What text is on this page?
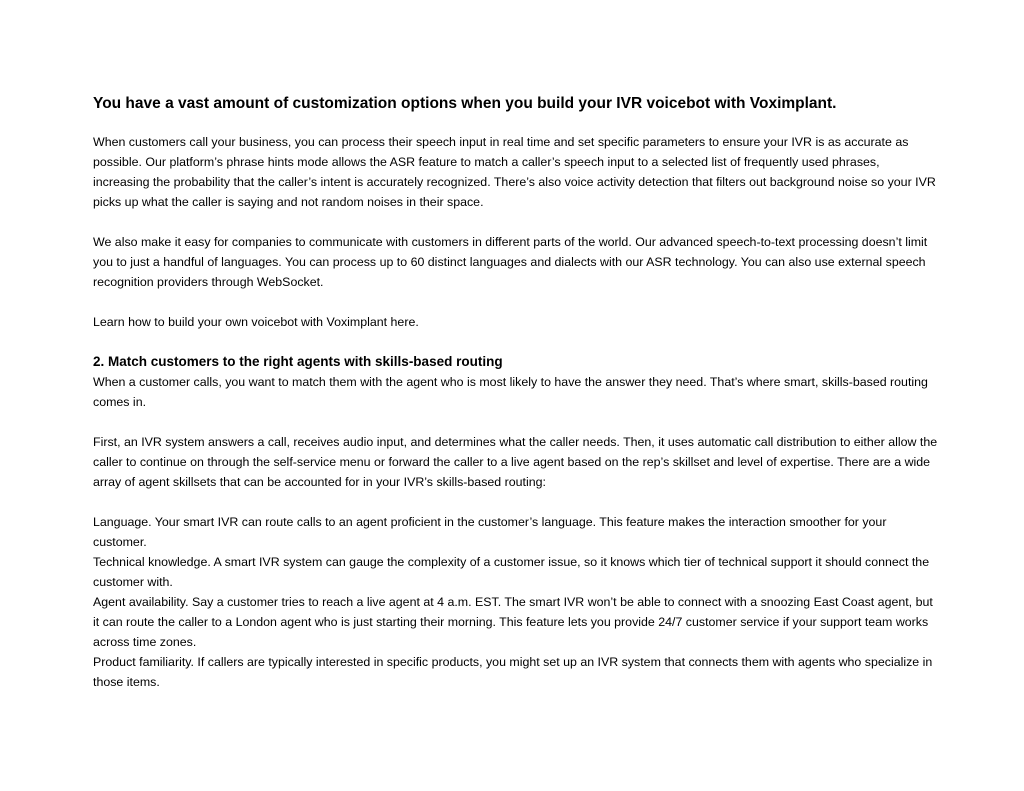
You have a vast amount of customization options when you build your IVR voicebot with Voximplant.
When customers call your business, you can process their speech input in real time and set specific parameters to ensure your IVR is as accurate as possible. Our platform’s phrase hints mode allows the ASR feature to match a caller’s speech input to a selected list of frequently used phrases, increasing the probability that the caller’s intent is accurately recognized. There’s also voice activity detection that filters out background noise so your IVR picks up what the caller is saying and not random noises in their space.
We also make it easy for companies to communicate with customers in different parts of the world. Our advanced speech-to-text processing doesn’t limit you to just a handful of languages. You can process up to 60 distinct languages and dialects with our ASR technology. You can also use external speech recognition providers through WebSocket.
Learn how to build your own voicebot with Voximplant here.
2. Match customers to the right agents with skills-based routing
When a customer calls, you want to match them with the agent who is most likely to have the answer they need. That’s where smart, skills-based routing comes in.
First, an IVR system answers a call, receives audio input, and determines what the caller needs. Then, it uses automatic call distribution to either allow the caller to continue on through the self-service menu or forward the caller to a live agent based on the rep’s skillset and level of expertise. There are a wide array of agent skillsets that can be accounted for in your IVR’s skills-based routing:
Language. Your smart IVR can route calls to an agent proficient in the customer’s language. This feature makes the interaction smoother for your customer.
Technical knowledge. A smart IVR system can gauge the complexity of a customer issue, so it knows which tier of technical support it should connect the customer with.
Agent availability. Say a customer tries to reach a live agent at 4 a.m. EST. The smart IVR won’t be able to connect with a snoozing East Coast agent, but it can route the caller to a London agent who is just starting their morning. This feature lets you provide 24/7 customer service if your support team works across time zones.
Product familiarity. If callers are typically interested in specific products, you might set up an IVR system that connects them with agents who specialize in those items.
